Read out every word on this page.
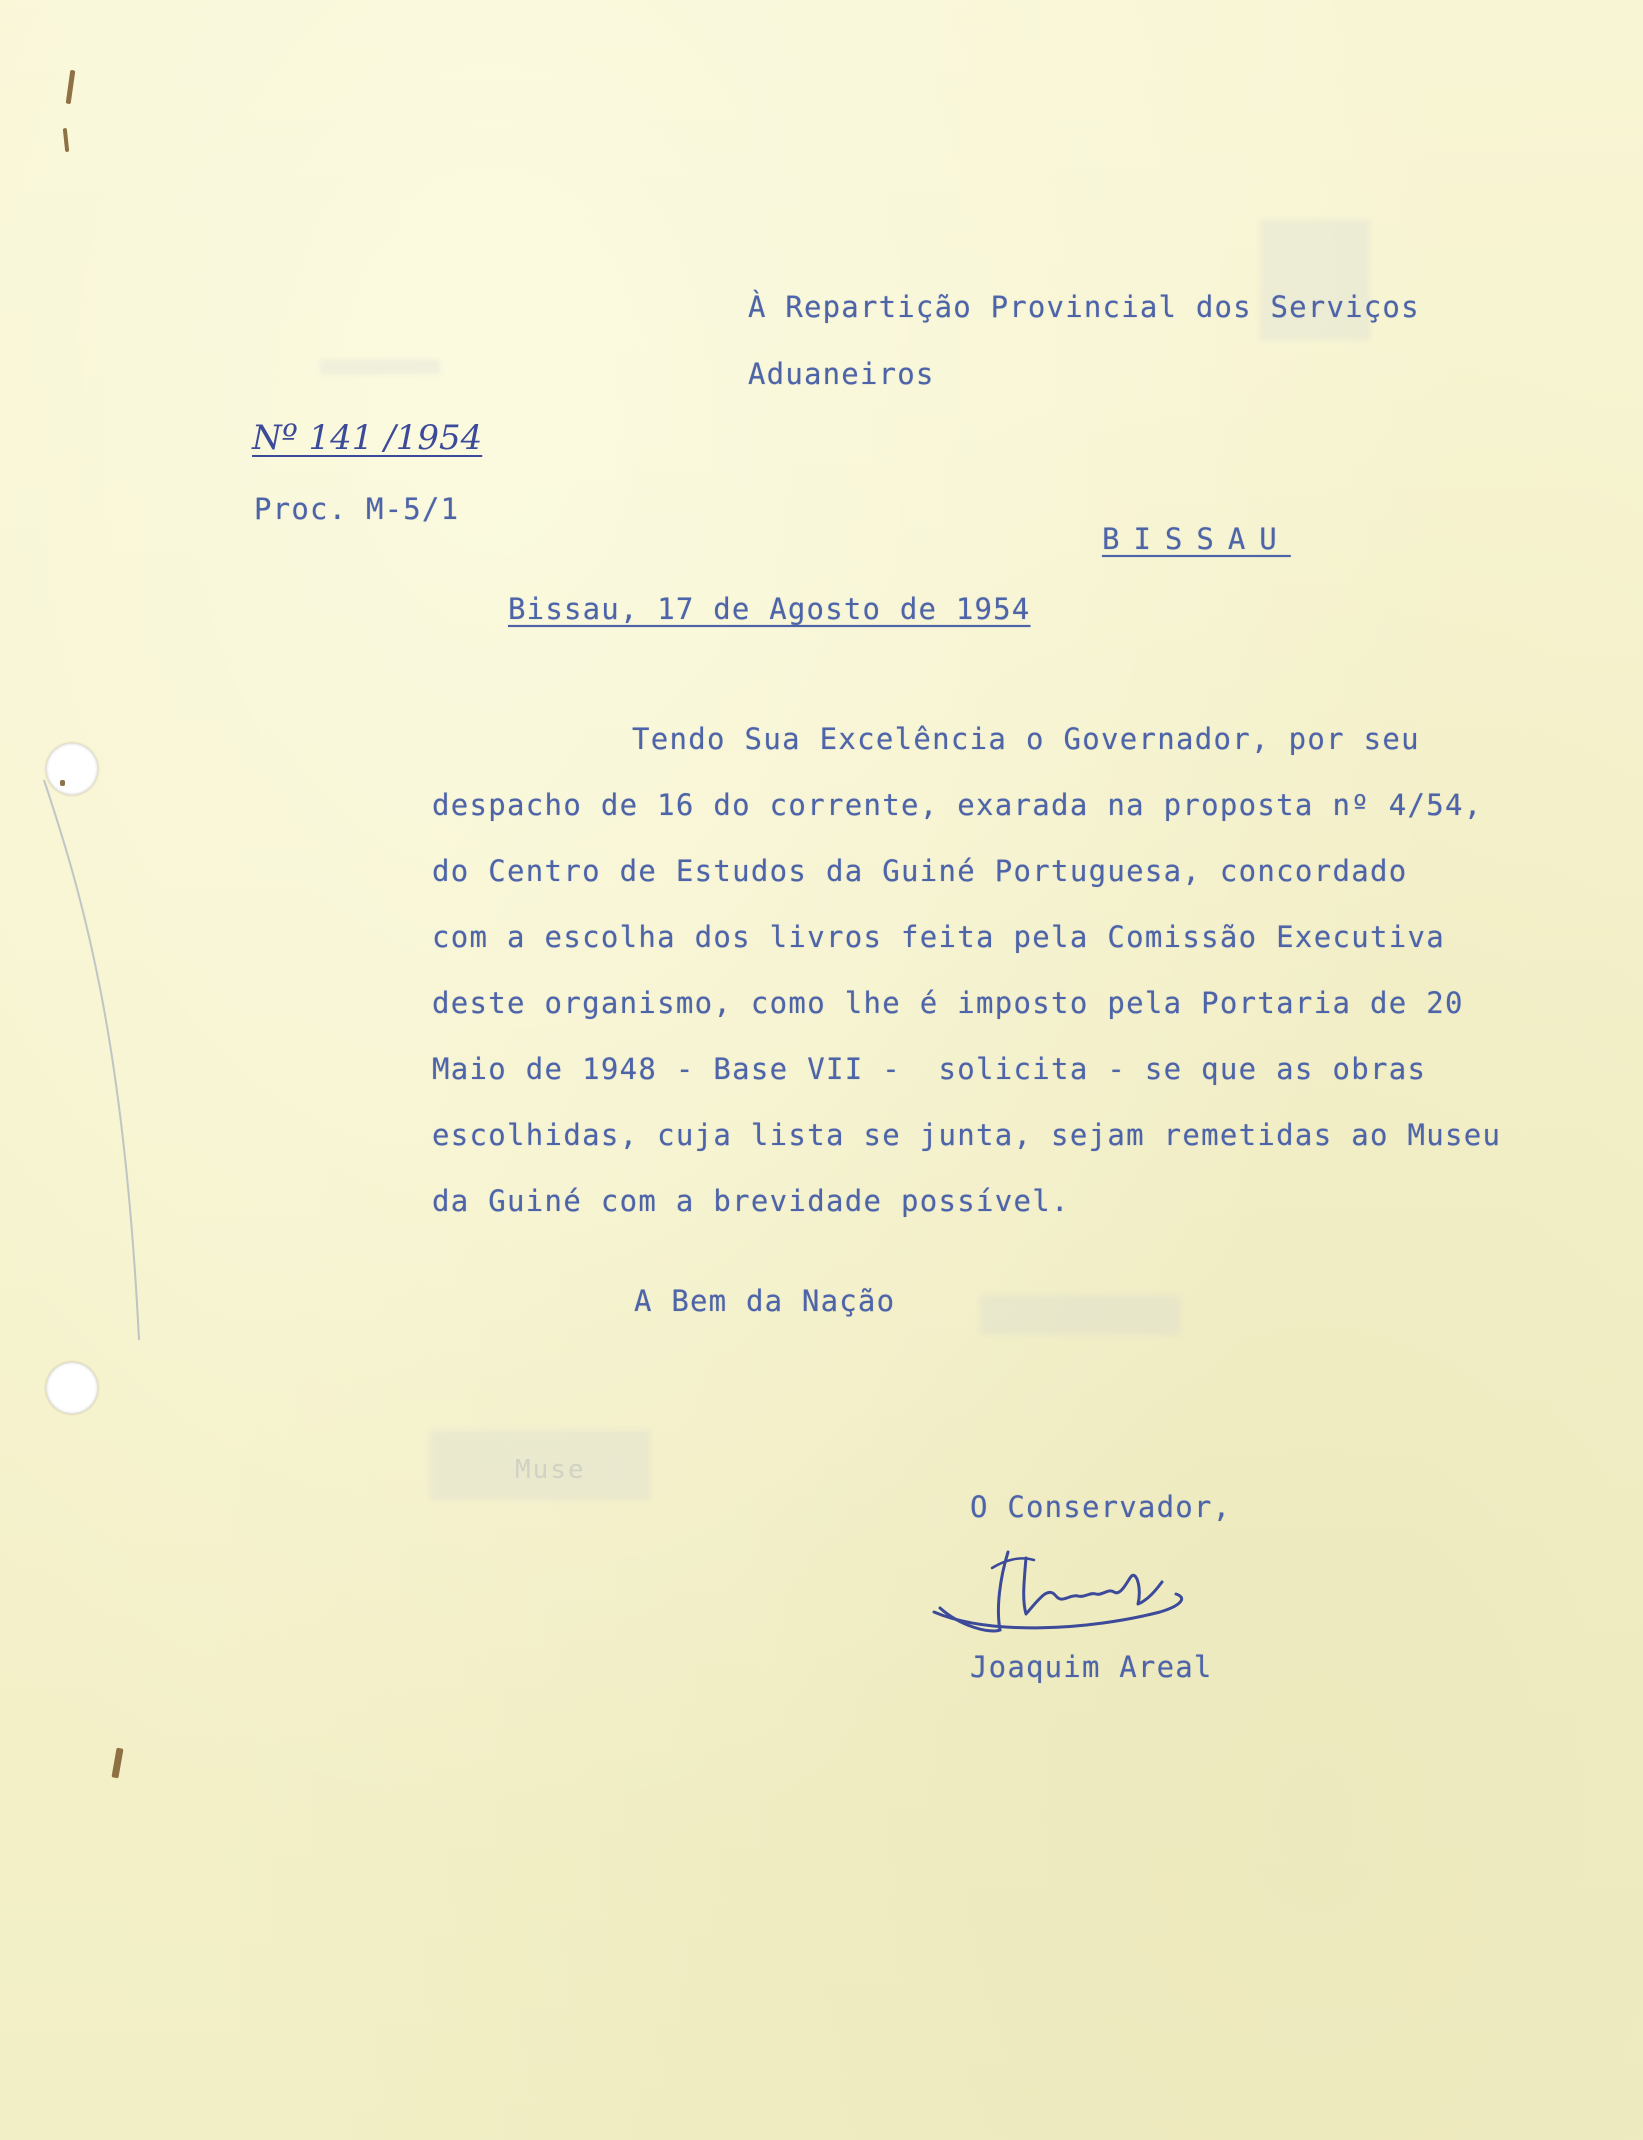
Muse
À Repartição Provincial dos Serviços
Aduaneiros
Nº 141 /1954
Proc. M-5/1
BISSAU
Bissau, 17 de Agosto de 1954
Tendo Sua Excelência o Governador, por seu
despacho de 16 do corrente, exarada na proposta nº 4/54,
do Centro de Estudos da Guiné Portuguesa, concordado
com a escolha dos livros feita pela Comissão Executiva
deste organismo, como lhe é imposto pela Portaria de 20
Maio de 1948 - Base VII -  solicita - se que as obras
escolhidas, cuja lista se junta, sejam remetidas ao Museu
da Guiné com a brevidade possível.
A Bem da Nação
O Conservador,
Joaquim Areal
